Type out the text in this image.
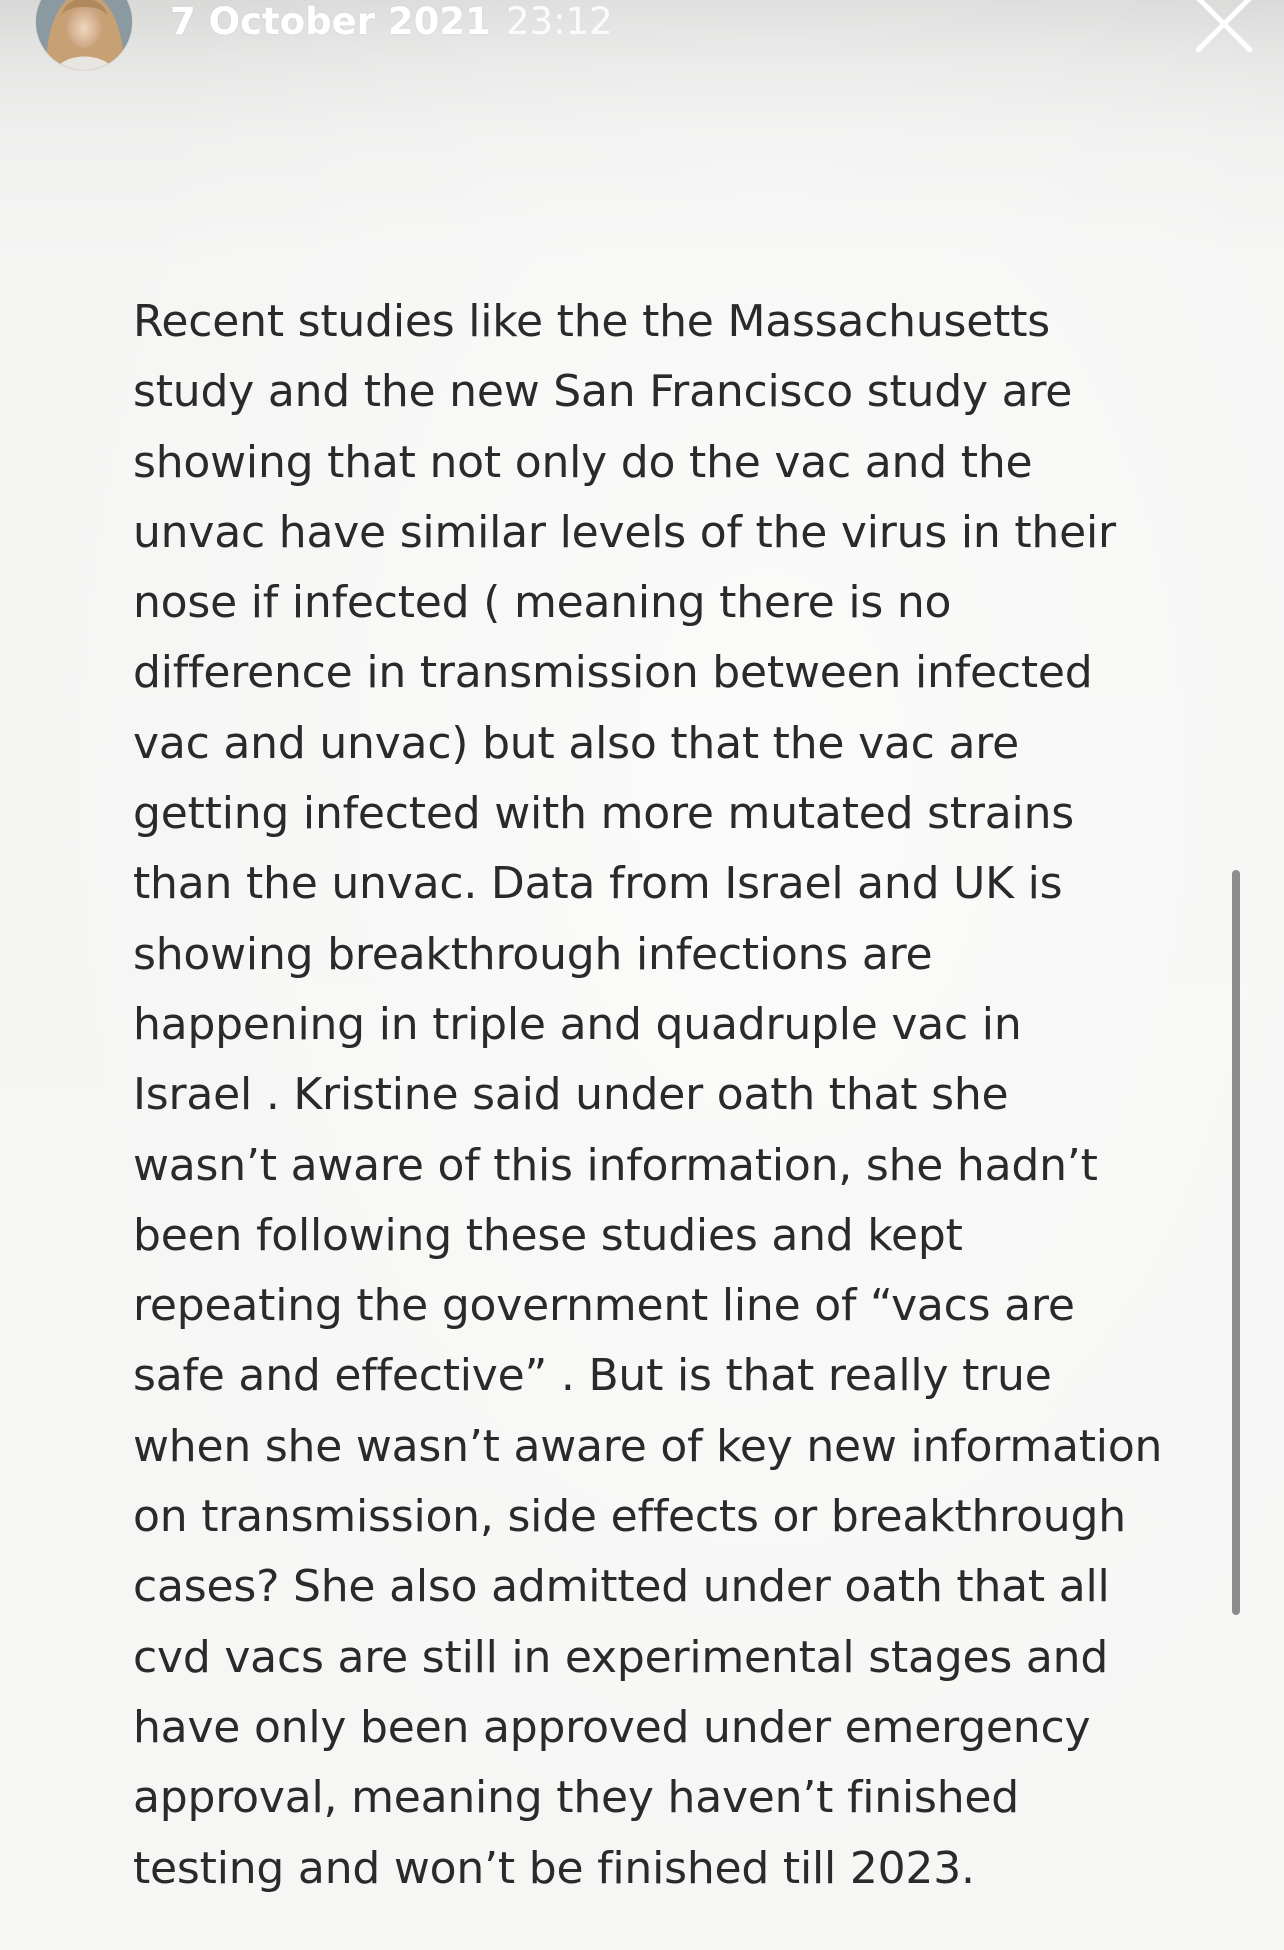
7 October 2021 23:12
Recent studies like the the Massachusetts
study and the new San Francisco study are
showing that not only do the vac and the
unvac have similar levels of the virus in their
nose if infected ( meaning there is no
difference in transmission between infected
vac and unvac) but also that the vac are
getting infected with more mutated strains
than the unvac. Data from Israel and UK is
showing breakthrough infections are
happening in triple and quadruple vac in
Israel . Kristine said under oath that she
wasn’t aware of this information, she hadn’t
been following these studies and kept
repeating the government line of “vacs are
safe and effective” . But is that really true
when she wasn’t aware of key new information
on transmission, side effects or breakthrough
cases? She also admitted under oath that all
cvd vacs are still in experimental stages and
have only been approved under emergency
approval, meaning they haven’t finished
testing and won’t be finished till 2023.
